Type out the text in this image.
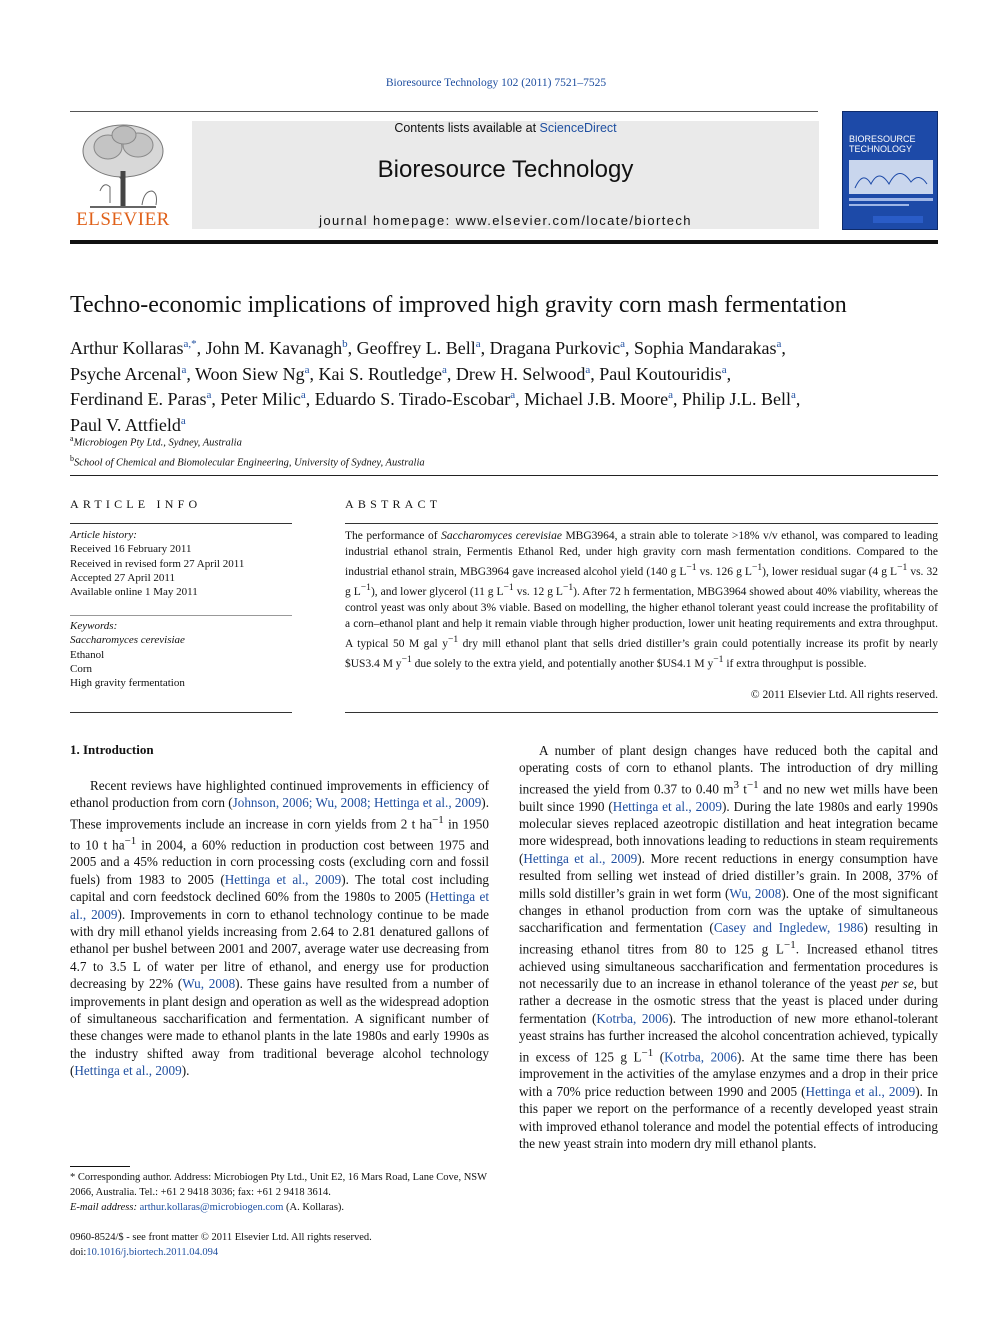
Bioresource Technology 102 (2011) 7521–7525
ELSEVIER
Contents lists available at ScienceDirect
Bioresource Technology
journal homepage: www.elsevier.com/locate/biortech
BIORESOURCE TECHNOLOGY
Techno-economic implications of improved high gravity corn mash fermentation
Arthur Kollaras$^{a,*}$, John M. Kavanagh$^b$, Geoffrey L. Bell$^a$, Dragana Purkovic$^a$, Sophia Mandarakas$^a$,
Psyche Arcenal$^a$, Woon Siew Ng$^a$, Kai S. Routledge$^a$, Drew H. Selwood$^a$, Paul Koutouridis$^a$,
Ferdinand E. Paras$^a$, Peter Milic$^a$, Eduardo S. Tirado-Escobar$^a$, Michael J.B. Moore$^a$, Philip J.L. Bell$^a$,
Paul V. Attfield$^a$
$^a$Microbiogen Pty Ltd., Sydney, Australia
$^b$School of Chemical and Biomolecular Engineering, University of Sydney, Australia
ARTICLE INFO
Article history:
Received 16 February 2011
Received in revised form 27 April 2011
Accepted 27 April 2011
Available online 1 May 2011
Keywords:
Saccharomyces cerevisiae
Ethanol
Corn
High gravity fermentation
ABSTRACT
The performance of Saccharomyces cerevisiae MBG3964, a strain able to tolerate >18% v/v ethanol, was compared to leading industrial ethanol strain, Fermentis Ethanol Red, under high gravity corn mash fermentation conditions. Compared to the industrial ethanol strain, MBG3964 gave increased alcohol yield (140 g $L^{-1}$ vs. 126 g $L^{-1}$), lower residual sugar (4 g $L^{-1}$ vs. 32 g $L^{-1}$), and lower glycerol (11 g $L^{-1}$ vs. 12 g $L^{-1}$). After 72 h fermentation, MBG3964 showed about 40% viability, whereas the control yeast was only about 3% viable. Based on modelling, the higher ethanol tolerant yeast could increase the profitability of a corn–ethanol plant and help it remain viable through higher production, lower unit heating requirements and extra throughput. A typical 50 M gal $y^{-1}$ dry mill ethanol plant that sells dried distiller’s grain could potentially increase its profit by nearly $US3.4 M $y^{-1}$ due solely to the extra yield, and potentially another $US4.1 M $y^{-1}$ if extra throughput is possible.
© 2011 Elsevier Ltd. All rights reserved.
1. Introduction
Recent reviews have highlighted continued improvements in efficiency of ethanol production from corn (Johnson, 2006; Wu, 2008; Hettinga et al., 2009). These improvements include an increase in corn yields from 2 t $ha^{-1}$ in 1950 to 10 t $ha^{-1}$ in 2004, a 60% reduction in production cost between 1975 and 2005 and a 45% reduction in corn processing costs (excluding corn and fossil fuels) from 1983 to 2005 (Hettinga et al., 2009). The total cost including capital and corn feedstock declined 60% from the 1980s to 2005 (Hettinga et al., 2009). Improvements in corn to ethanol technology continue to be made with dry mill ethanol yields increasing from 2.64 to 2.81 denatured gallons of ethanol per bushel between 2001 and 2007, average water use decreasing from 4.7 to 3.5 L of water per litre of ethanol, and energy use for production decreasing by 22% (Wu, 2008). These gains have resulted from a number of improvements in plant design and operation as well as the widespread adoption of simultaneous saccharification and fermentation. A significant number of these changes were made to ethanol plants in the late 1980s and early 1990s as the industry shifted away from traditional beverage alcohol technology (Hettinga et al., 2009).
A number of plant design changes have reduced both the capital and operating costs of corn to ethanol plants. The introduction of dry milling increased the yield from 0.37 to 0.40 $m^3$ $t^{-1}$ and no new wet mills have been built since 1990 (Hettinga et al., 2009). During the late 1980s and early 1990s molecular sieves replaced azeotropic distillation and heat integration became more widespread, both innovations leading to reductions in steam requirements (Hettinga et al., 2009). More recent reductions in energy consumption have resulted from selling wet instead of dried distiller’s grain. In 2008, 37% of mills sold distiller’s grain in wet form (Wu, 2008). One of the most significant changes in ethanol production from corn was the uptake of simultaneous saccharification and fermentation (Casey and Ingledew, 1986) resulting in increasing ethanol titres from 80 to 125 g $L^{-1}$. Increased ethanol titres achieved using simultaneous saccharification and fermentation procedures is not necessarily due to an increase in ethanol tolerance of the yeast per se, but rather a decrease in the osmotic stress that the yeast is placed under during fermentation (Kotrba, 2006). The introduction of new more ethanol-tolerant yeast strains has further increased the alcohol concentration achieved, typically in excess of 125 g $L^{-1}$ (Kotrba, 2006). At the same time there has been improvement in the activities of the amylase enzymes and a drop in their price with a 70% price reduction between 1990 and 2005 (Hettinga et al., 2009). In this paper we report on the performance of a recently developed yeast strain with improved ethanol tolerance and model the potential effects of introducing the new yeast strain into modern dry mill ethanol plants.
* Corresponding author. Address: Microbiogen Pty Ltd., Unit E2, 16 Mars Road, Lane Cove, NSW 2066, Australia. Tel.: +61 2 9418 3036; fax: +61 2 9418 3614.
E-mail address: arthur.kollaras@microbiogen.com (A. Kollaras).
0960-8524/$ - see front matter © 2011 Elsevier Ltd. All rights reserved.
doi:10.1016/j.biortech.2011.04.094
